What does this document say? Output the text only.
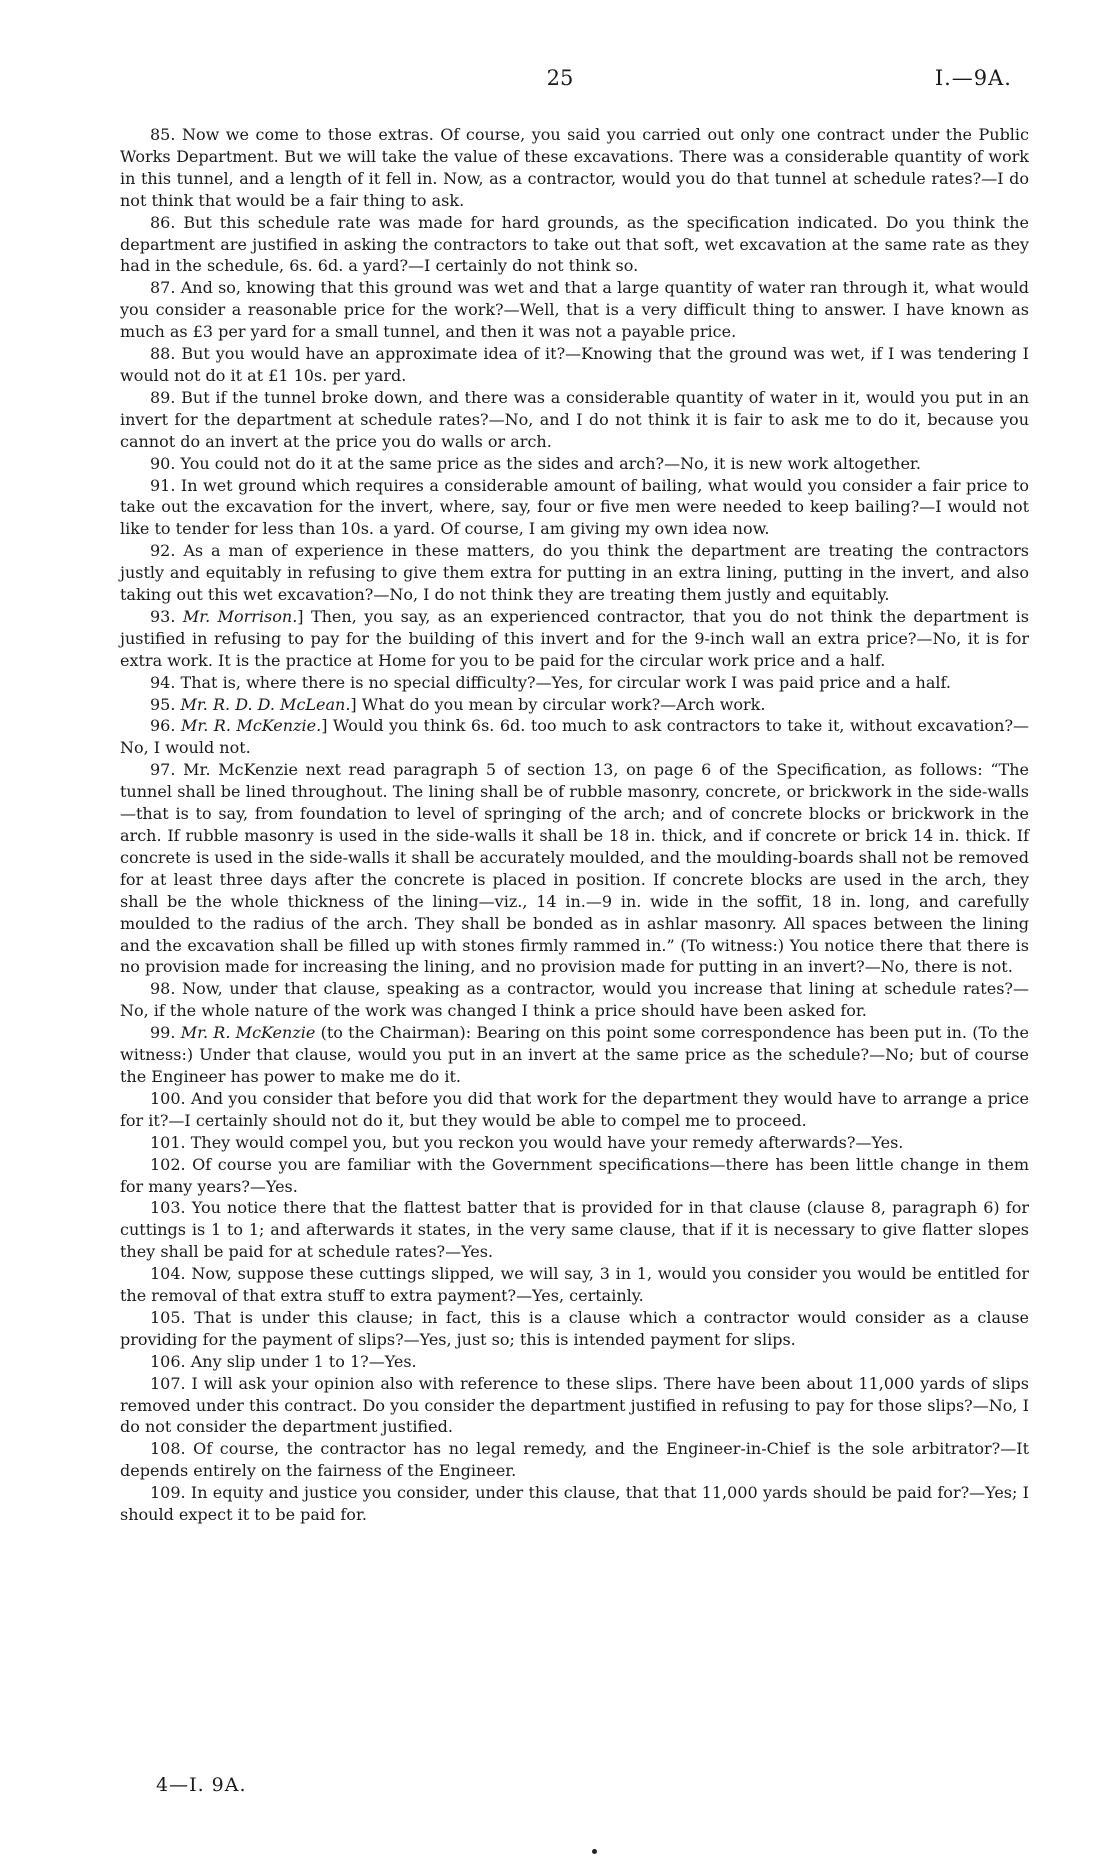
25	I.—9A.

85. Now we come to those extras. Of course, you said you carried out only one contract under the Public Works Department. But we will take the value of these excavations. There was a considerable quantity of work in this tunnel, and a length of it fell in. Now, as a contractor, would you do that tunnel at schedule rates?—I do not think that would be a fair thing to ask.

86. But this schedule rate was made for hard grounds, as the specification indicated. Do you think the department are justified in asking the contractors to take out that soft, wet excavation at the same rate as they had in the schedule, 6s. 6d. a yard?—I certainly do not think so.

87. And so, knowing that this ground was wet and that a large quantity of water ran through it, what would you consider a reasonable price for the work?—Well, that is a very difficult thing to answer. I have known as much as £3 per yard for a small tunnel, and then it was not a payable price.

88. But you would have an approximate idea of it?—Knowing that the ground was wet, if I was tendering I would not do it at £1 10s. per yard.

89. But if the tunnel broke down, and there was a considerable quantity of water in it, would you put in an invert for the department at schedule rates?—No, and I do not think it is fair to ask me to do it, because you cannot do an invert at the price you do walls or arch.

90. You could not do it at the same price as the sides and arch?—No, it is new work altogether.

91. In wet ground which requires a considerable amount of bailing, what would you consider a fair price to take out the excavation for the invert, where, say, four or five men were needed to keep bailing?—I would not like to tender for less than 10s. a yard. Of course, I am giving my own idea now.

92. As a man of experience in these matters, do you think the department are treating the contractors justly and equitably in refusing to give them extra for putting in an extra lining, putting in the invert, and also taking out this wet excavation?—No, I do not think they are treating them justly and equitably.

93. Mr. Morrison.] Then, you say, as an experienced contractor, that you do not think the department is justified in refusing to pay for the building of this invert and for the 9-inch wall an extra price?—No, it is for extra work. It is the practice at Home for you to be paid for the circular work price and a half.

94. That is, where there is no special difficulty?—Yes, for circular work I was paid price and a half.

95. Mr. R. D. D. McLean.] What do you mean by circular work?—Arch work.

96. Mr. R. McKenzie.] Would you think 6s. 6d. too much to ask contractors to take it, without excavation?—No, I would not.

97. Mr. McKenzie next read paragraph 5 of section 13, on page 6 of the Specification, as follows: “The tunnel shall be lined throughout. The lining shall be of rubble masonry, concrete, or brickwork in the side-walls—that is to say, from foundation to level of springing of the arch; and of concrete blocks or brickwork in the arch. If rubble masonry is used in the side-walls it shall be 18 in. thick, and if concrete or brick 14 in. thick. If concrete is used in the side-walls it shall be accurately moulded, and the moulding-boards shall not be removed for at least three days after the concrete is placed in position. If concrete blocks are used in the arch, they shall be the whole thickness of the lining—viz., 14 in.—9 in. wide in the soffit, 18 in. long, and carefully moulded to the radius of the arch. They shall be bonded as in ashlar masonry. All spaces between the lining and the excavation shall be filled up with stones firmly rammed in.” (To witness:) You notice there that there is no provision made for increasing the lining, and no provision made for putting in an invert?—No, there is not.

98. Now, under that clause, speaking as a contractor, would you increase that lining at schedule rates?—No, if the whole nature of the work was changed I think a price should have been asked for.

99. Mr. R. McKenzie (to the Chairman): Bearing on this point some correspondence has been put in. (To the witness:) Under that clause, would you put in an invert at the same price as the schedule?—No; but of course the Engineer has power to make me do it.

100. And you consider that before you did that work for the department they would have to arrange a price for it?—I certainly should not do it, but they would be able to compel me to proceed.

101. They would compel you, but you reckon you would have your remedy afterwards?—Yes.

102. Of course you are familiar with the Government specifications—there has been little change in them for many years?—Yes.

103. You notice there that the flattest batter that is provided for in that clause (clause 8, paragraph 6) for cuttings is 1 to 1; and afterwards it states, in the very same clause, that if it is necessary to give flatter slopes they shall be paid for at schedule rates?—Yes.

104. Now, suppose these cuttings slipped, we will say, 3 in 1, would you consider you would be entitled for the removal of that extra stuff to extra payment?—Yes, certainly.

105. That is under this clause; in fact, this is a clause which a contractor would consider as a clause providing for the payment of slips?—Yes, just so; this is intended payment for slips.

106. Any slip under 1 to 1?—Yes.

107. I will ask your opinion also with reference to these slips. There have been about 11,000 yards of slips removed under this contract. Do you consider the department justified in refusing to pay for those slips?—No, I do not consider the department justified.

108. Of course, the contractor has no legal remedy, and the Engineer-in-Chief is the sole arbitrator?—It depends entirely on the fairness of the Engineer.

109. In equity and justice you consider, under this clause, that that 11,000 yards should be paid for?—Yes; I should expect it to be paid for.

4—I. 9A.
